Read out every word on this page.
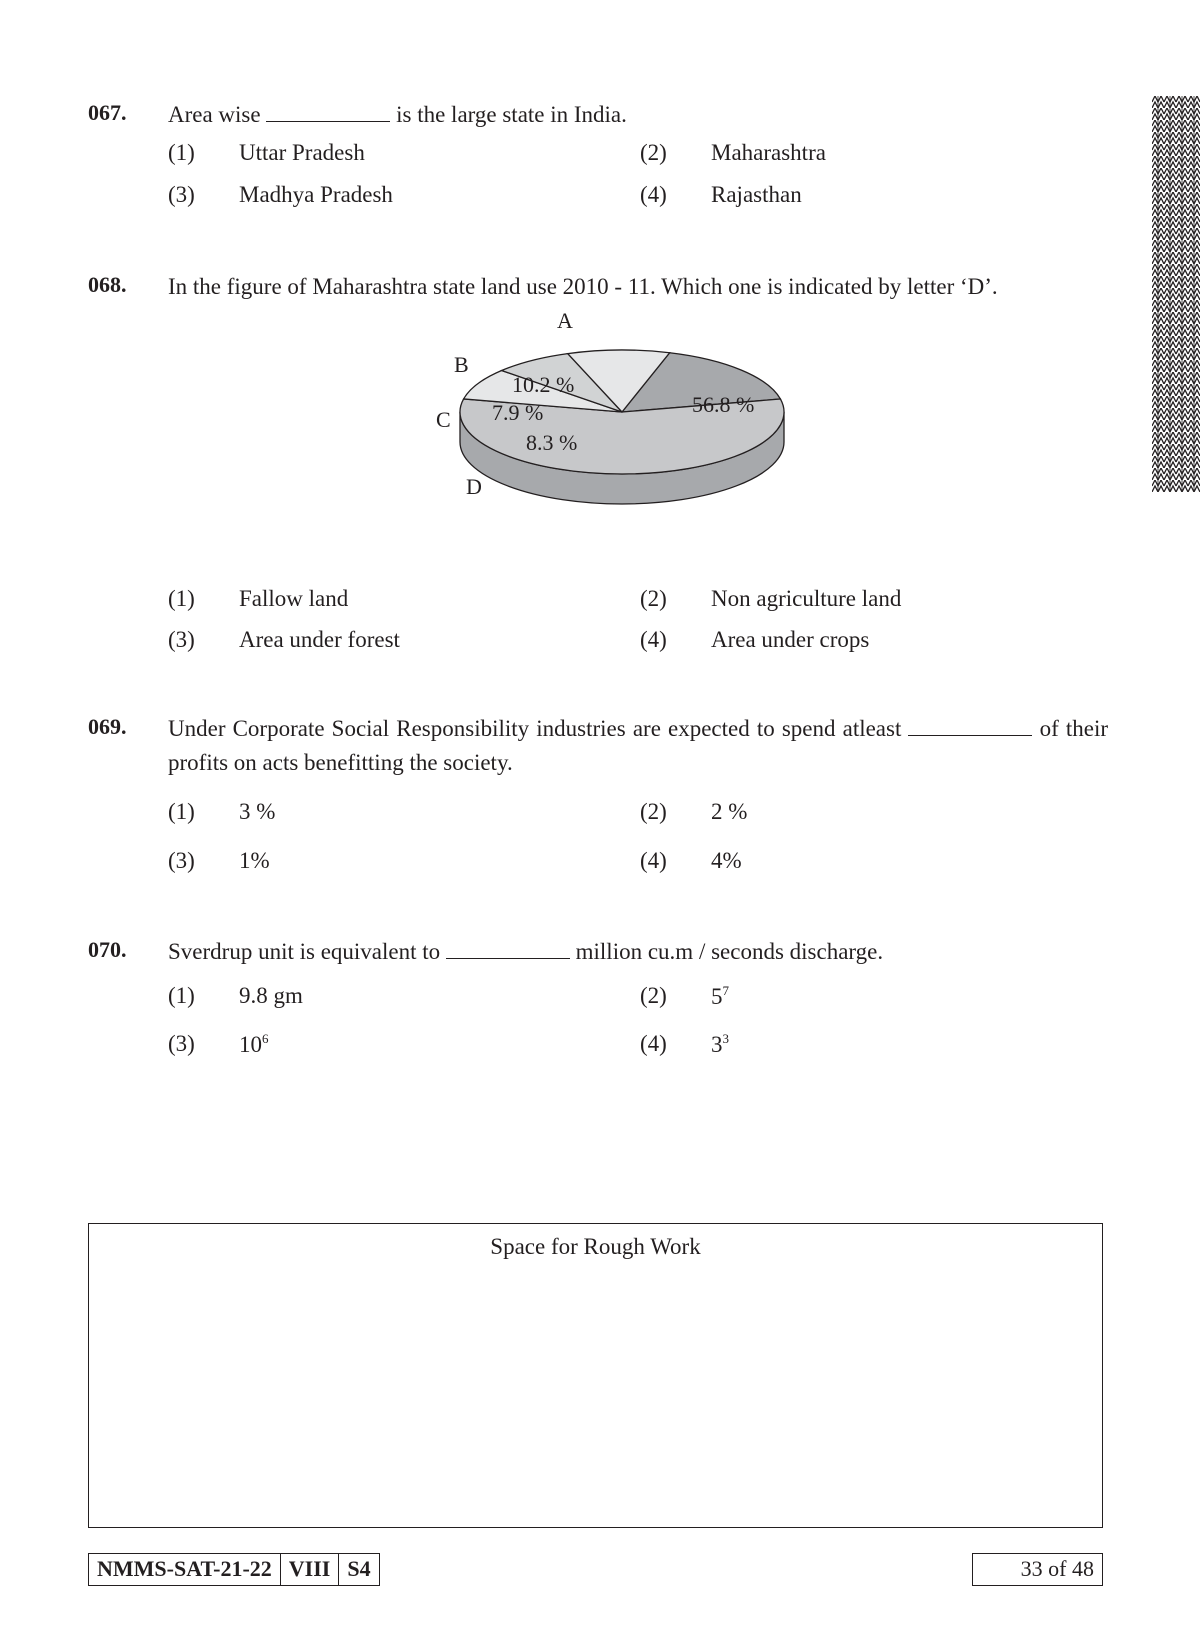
067. Area wise	is the large state in India.
(1) Uttar Pradesh	(2) Maharashtra
(3) Madhya Pradesh	(4) Rajasthan
068. In the figure of Maharashtra state land use 2010 - 11. Which one is indicated by letter ‘D’.
A
56.8 %
8.3 %
D
7.9 %
C
10.2 %
B
(1) Fallow land	(2) Non agriculture land
(3) Area under forest	(4) Area under crops
069. Under Corporate Social Responsibility industries are expected to spend atleast	of their profits on acts benefitting the society.
(1) 3 %	(2) 2 %
(3) 1%	(4) 4%
070. Sverdrup unit is equivalent to	million cu.m / seconds discharge.
(1) 9.8 gm	(2) $5^7$
(3) $10^6$	(4) $3^3$
Space for Rough Work
NMMS-SAT-21-22 VIII S4	33 of 48
